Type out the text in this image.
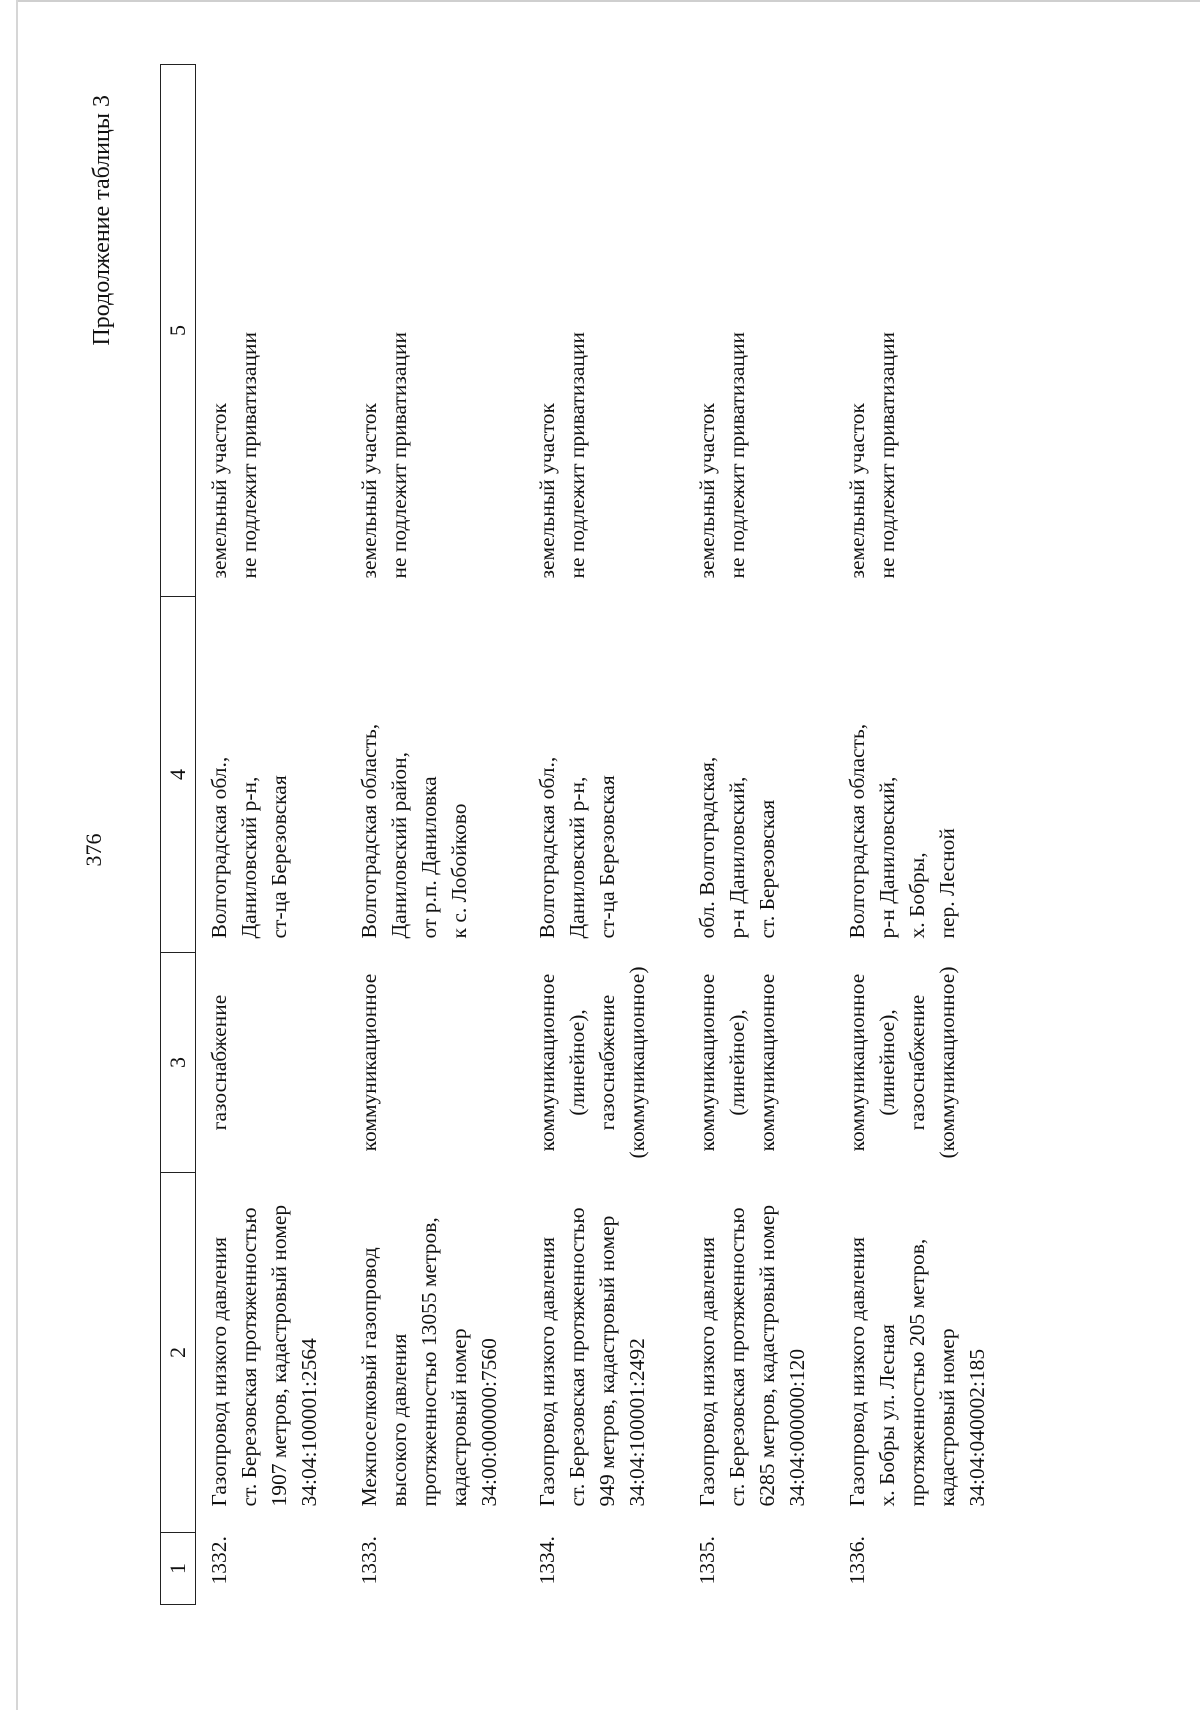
376
Продолжение таблицы 3
1	2	3	4	5
1332.	Газопровод низкого давления ст. Березовская протяженностью 1907 метров, кадастровый номер 34:04:100001:2564	газоснабжение	Волгоградская обл., Даниловский р-н, ст-ца Березовская	земельный участок не подлежит приватизации

1333.	Межпоселковый газопровод высокого давления протяженностью 13055 метров, кадастровый номер 34:00:000000:7560	коммуникационное	Волгоградская область, Даниловский район, от р.п. Даниловка к с. Лобойково	земельный участок не подлежит приватизации

1334.	Газопровод низкого давления ст. Березовская протяженностью 949 метров, кадастровый номер 34:04:100001:2492	коммуникационное (линейное), газоснабжение (коммуникационное)	Волгоградская обл., Даниловский р-н, ст-ца Березовская	земельный участок не подлежит приватизации

1335.	Газопровод низкого давления ст. Березовская протяженностью 6285 метров, кадастровый номер 34:04:000000:120	коммуникационное (линейное), коммуникационное	обл. Волгоградская, р-н Даниловский, ст. Березовская	земельный участок не подлежит приватизации

1336.	Газопровод низкого давления х. Бобры ул. Лесная протяженностью 205 метров, кадастровый номер 34:04:040002:185	коммуникационное (линейное), газоснабжение (коммуникационное)	Волгоградская область, р-н Даниловский, х. Бобры, пер. Лесной	земельный участок не подлежит приватизации
